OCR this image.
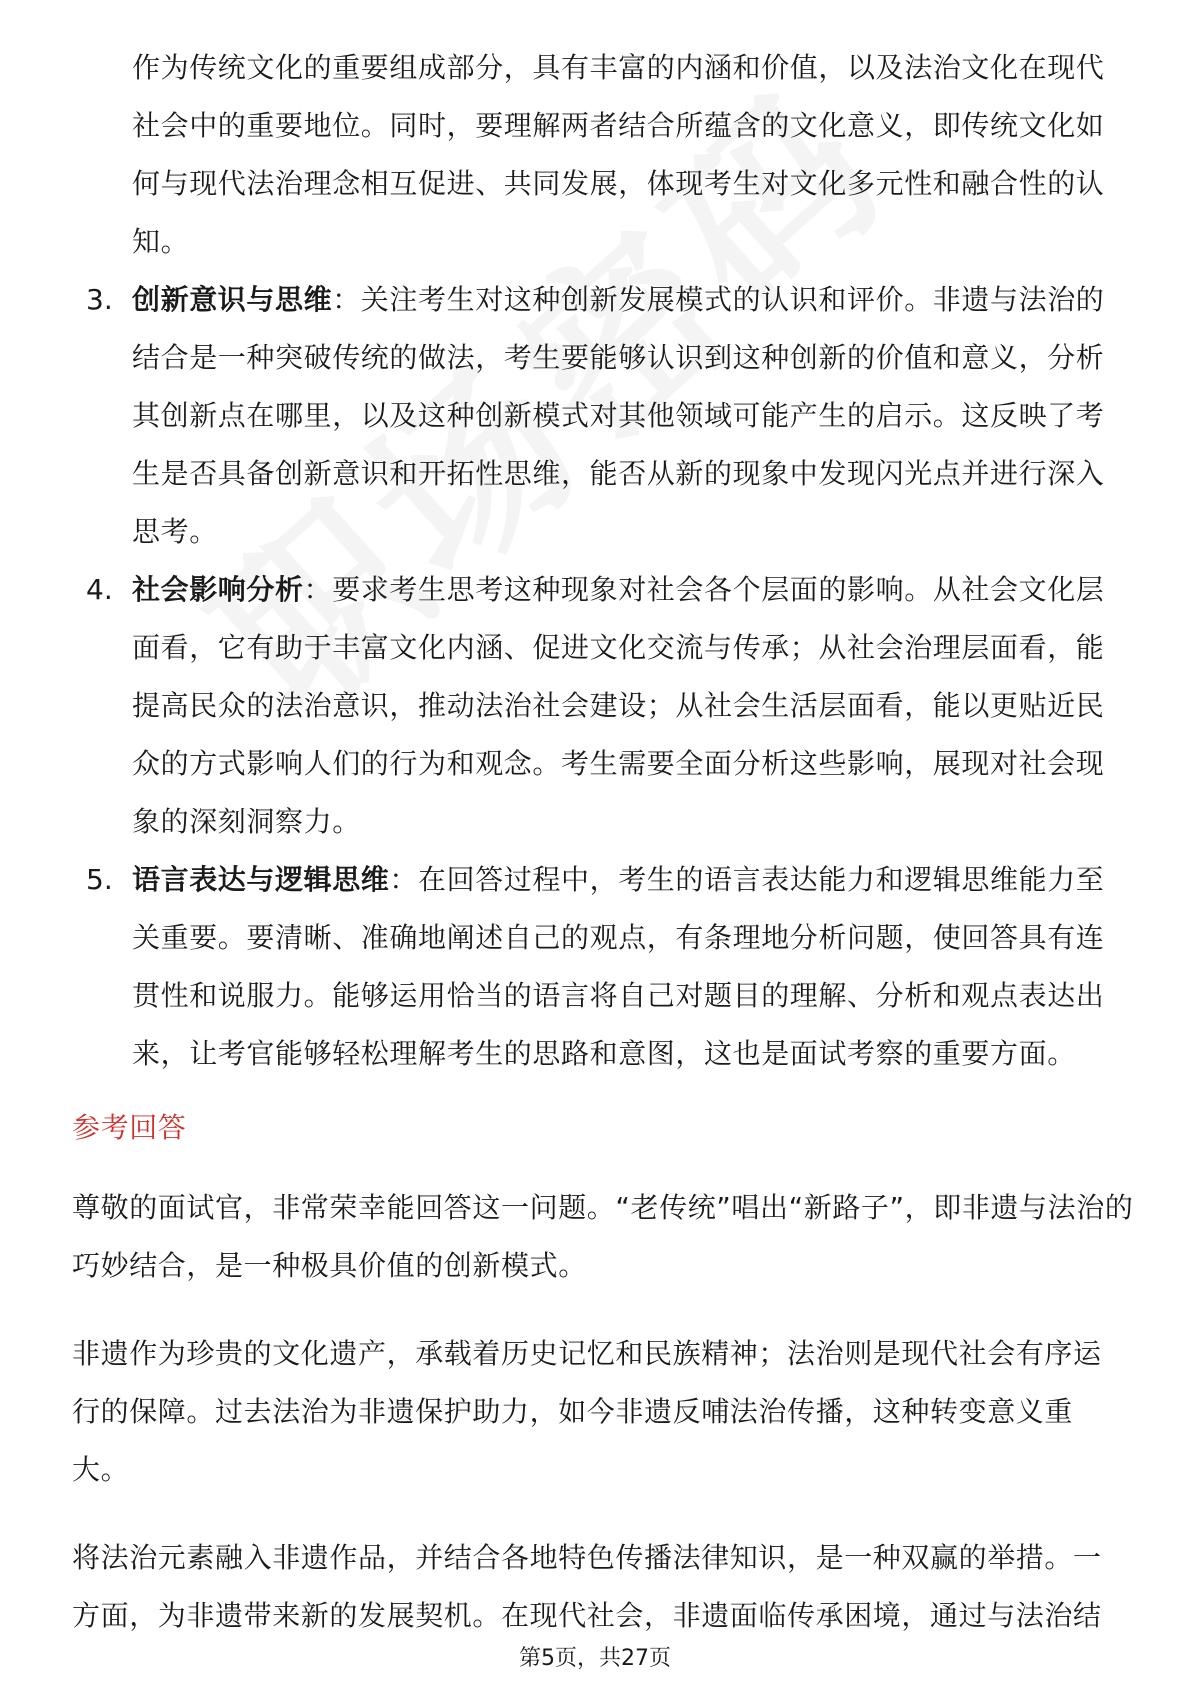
作为传统文化的重要组成部分，具有丰富的内涵和价值，以及法治文化在现代
社会中的重要地位。同时，要理解两者结合所蕴含的文化意义，即传统文化如
何与现代法治理念相互促进、共同发展，体现考生对文化多元性和融合性的认
知。
3. 创新意识与思维：关注考生对这种创新发展模式的认识和评价。非遗与法治的
结合是一种突破传统的做法，考生要能够认识到这种创新的价值和意义，分析
其创新点在哪里，以及这种创新模式对其他领域可能产生的启示。这反映了考
生是否具备创新意识和开拓性思维，能否从新的现象中发现闪光点并进行深入
思考。
4. 社会影响分析：要求考生思考这种现象对社会各个层面的影响。从社会文化层
面看，它有助于丰富文化内涵、促进文化交流与传承；从社会治理层面看，能
提高民众的法治意识，推动法治社会建设；从社会生活层面看，能以更贴近民
众的方式影响人们的行为和观念。考生需要全面分析这些影响，展现对社会现
象的深刻洞察力。
5. 语言表达与逻辑思维：在回答过程中，考生的语言表达能力和逻辑思维能力至
关重要。要清晰、准确地阐述自己的观点，有条理地分析问题，使回答具有连
贯性和说服力。能够运用恰当的语言将自己对题目的理解、分析和观点表达出
来，让考官能够轻松理解考生的思路和意图，这也是面试考察的重要方面。
参考回答
尊敬的面试官，非常荣幸能回答这一问题。“老传统”唱出“新路子”，即非遗与法治的
巧妙结合，是一种极具价值的创新模式。
非遗作为珍贵的文化遗产，承载着历史记忆和民族精神；法治则是现代社会有序运
行的保障。过去法治为非遗保护助力，如今非遗反哺法治传播，这种转变意义重
大。
将法治元素融入非遗作品，并结合各地特色传播法律知识，是一种双赢的举措。一
方面，为非遗带来新的发展契机。在现代社会，非遗面临传承困境，通过与法治结
第5页，共27页
